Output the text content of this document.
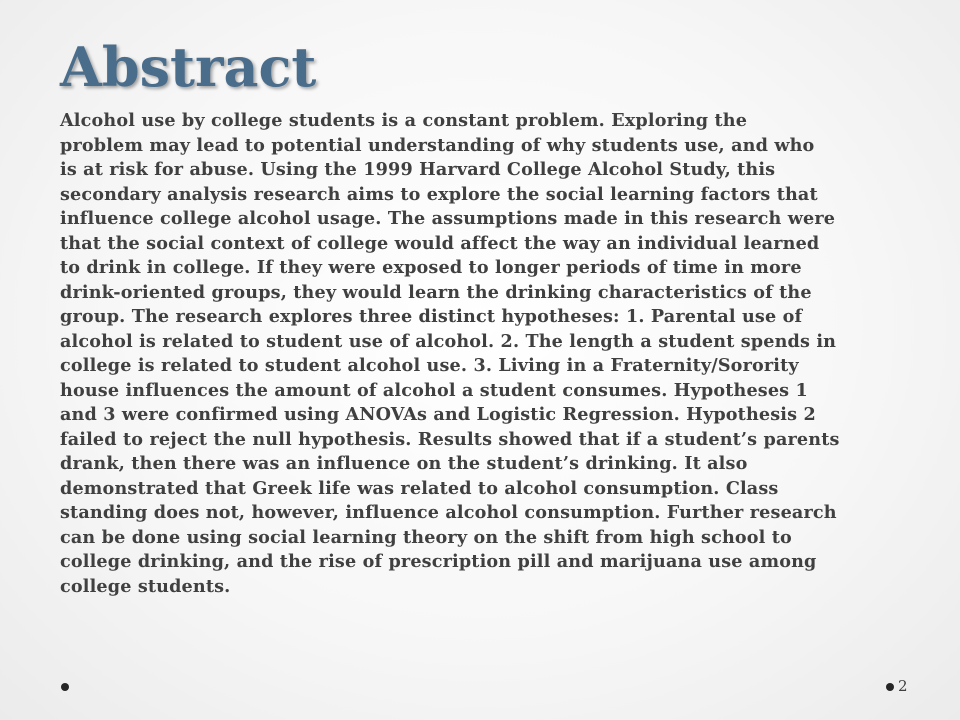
Abstract

Alcohol use by college students is a constant problem. Exploring the
problem may lead to potential understanding of why students use, and who
is at risk for abuse. Using the 1999 Harvard College Alcohol Study, this
secondary analysis research aims to explore the social learning factors that
influence college alcohol usage. The assumptions made in this research were
that the social context of college would affect the way an individual learned
to drink in college. If they were exposed to longer periods of time in more
drink-oriented groups, they would learn the drinking characteristics of the
group. The research explores three distinct hypotheses: 1. Parental use of
alcohol is related to student use of alcohol. 2. The length a student spends in
college is related to student alcohol use. 3. Living in a Fraternity/Sorority
house influences the amount of alcohol a student consumes. Hypotheses 1
and 3 were confirmed using ANOVAs and Logistic Regression. Hypothesis 2
failed to reject the null hypothesis. Results showed that if a student’s parents
drank, then there was an influence on the student’s drinking. It also
demonstrated that Greek life was related to alcohol consumption. Class
standing does not, however, influence alcohol consumption. Further research
can be done using social learning theory on the shift from high school to
college drinking, and the rise of prescription pill and marijuana use among
college students.

2
